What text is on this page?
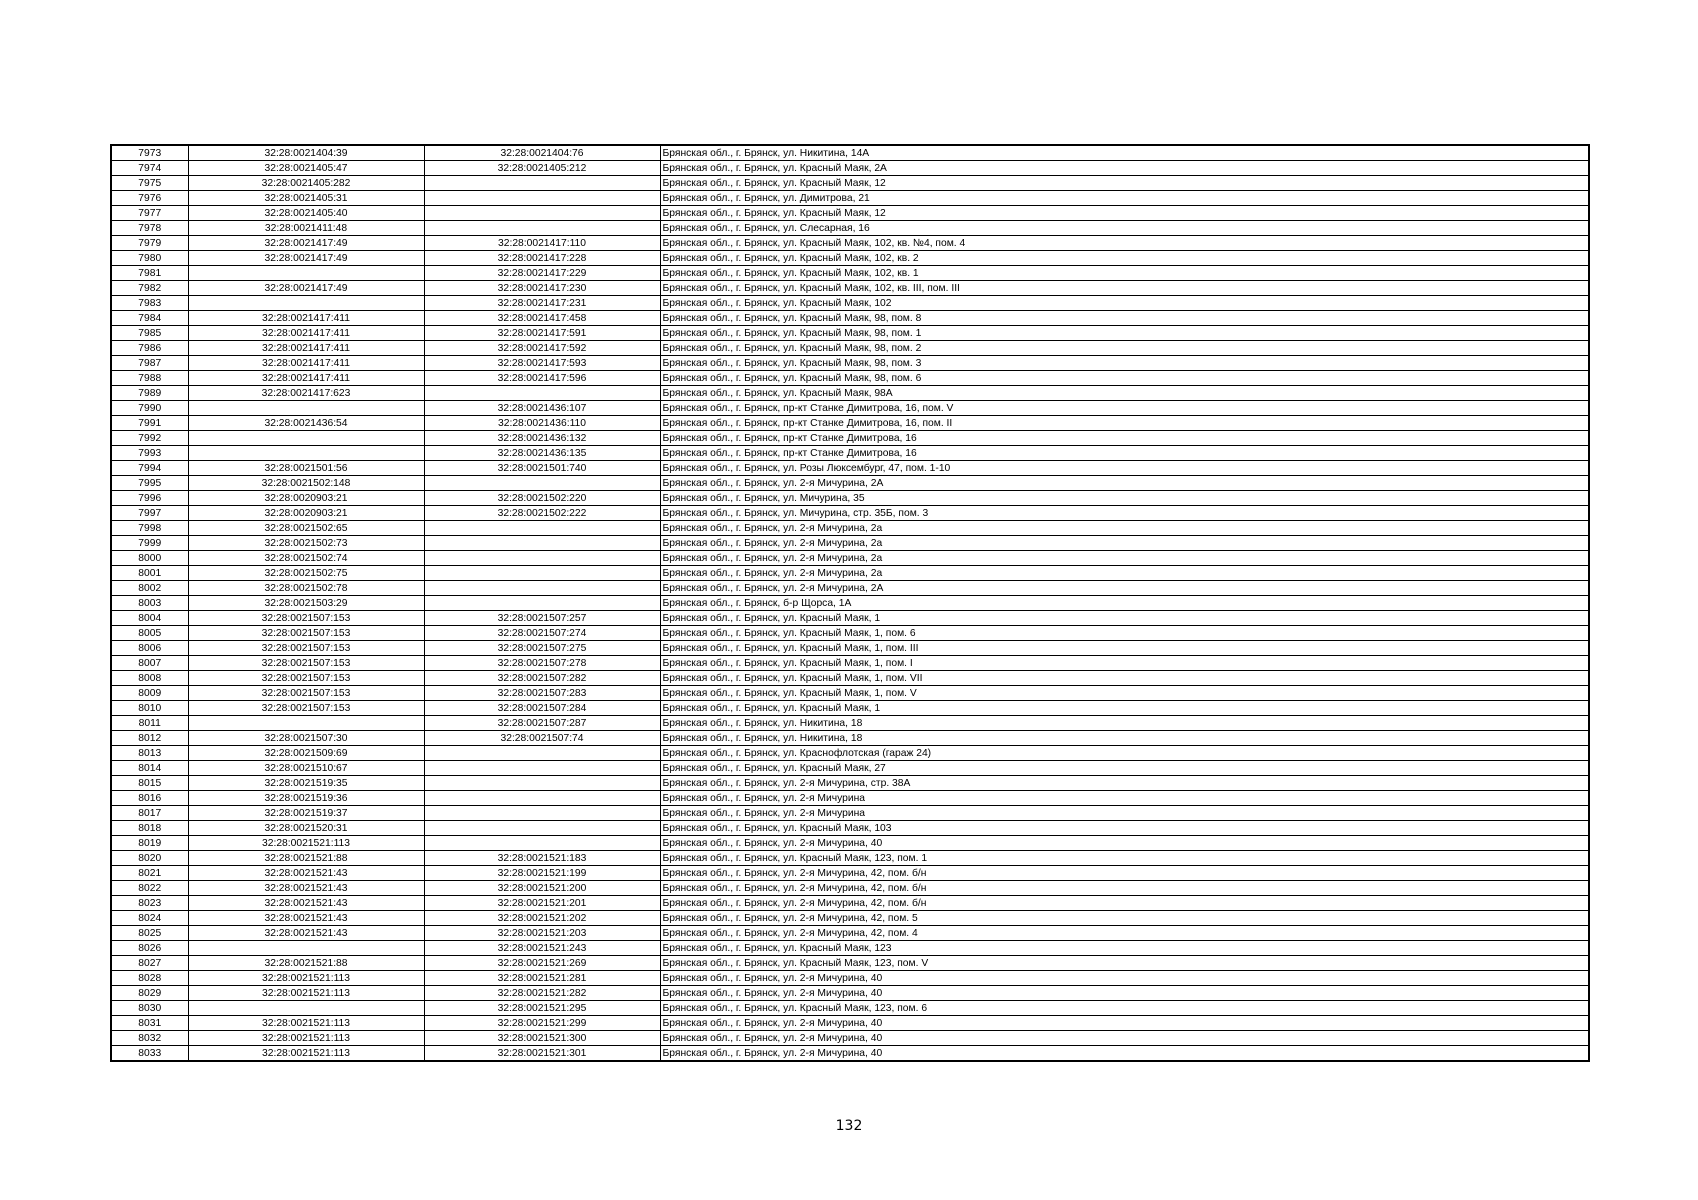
7973	32:28:0021404:39	32:28:0021404:76	Брянская обл., г. Брянск, ул. Никитина, 14А
7974	32:28:0021405:47	32:28:0021405:212	Брянская обл., г. Брянск, ул. Красный Маяк, 2А
7975	32:28:0021405:282		Брянская обл., г. Брянск, ул. Красный Маяк, 12
7976	32:28:0021405:31		Брянская обл., г. Брянск, ул. Димитрова, 21
7977	32:28:0021405:40		Брянская обл., г. Брянск, ул. Красный Маяк, 12
7978	32:28:0021411:48		Брянская обл., г. Брянск, ул. Слесарная, 16
7979	32:28:0021417:49	32:28:0021417:110	Брянская обл., г. Брянск, ул. Красный Маяк, 102, кв. №4, пом. 4
7980	32:28:0021417:49	32:28:0021417:228	Брянская обл., г. Брянск, ул. Красный Маяк, 102, кв. 2
7981		32:28:0021417:229	Брянская обл., г. Брянск, ул. Красный Маяк, 102, кв. 1
7982	32:28:0021417:49	32:28:0021417:230	Брянская обл., г. Брянск, ул. Красный Маяк, 102, кв. III, пом. III
7983		32:28:0021417:231	Брянская обл., г. Брянск, ул. Красный Маяк, 102
7984	32:28:0021417:411	32:28:0021417:458	Брянская обл., г. Брянск, ул. Красный Маяк, 98, пом. 8
7985	32:28:0021417:411	32:28:0021417:591	Брянская обл., г. Брянск, ул. Красный Маяк, 98, пом. 1
7986	32:28:0021417:411	32:28:0021417:592	Брянская обл., г. Брянск, ул. Красный Маяк, 98, пом. 2
7987	32:28:0021417:411	32:28:0021417:593	Брянская обл., г. Брянск, ул. Красный Маяк, 98, пом. 3
7988	32:28:0021417:411	32:28:0021417:596	Брянская обл., г. Брянск, ул. Красный Маяк, 98, пом. 6
7989	32:28:0021417:623		Брянская обл., г. Брянск, ул. Красный Маяк, 98А
7990		32:28:0021436:107	Брянская обл., г. Брянск, пр-кт Станке Димитрова, 16, пом. V
7991	32:28:0021436:54	32:28:0021436:110	Брянская обл., г. Брянск, пр-кт Станке Димитрова, 16, пом. II
7992		32:28:0021436:132	Брянская обл., г. Брянск, пр-кт Станке Димитрова, 16
7993		32:28:0021436:135	Брянская обл., г. Брянск, пр-кт Станке Димитрова, 16
7994	32:28:0021501:56	32:28:0021501:740	Брянская обл., г. Брянск, ул. Розы Люксембург, 47, пом. 1-10
7995	32:28:0021502:148		Брянская обл., г. Брянск, ул. 2-я Мичурина, 2А
7996	32:28:0020903:21	32:28:0021502:220	Брянская обл., г. Брянск, ул. Мичурина, 35
7997	32:28:0020903:21	32:28:0021502:222	Брянская обл., г. Брянск, ул. Мичурина, стр. 35Б, пом. 3
7998	32:28:0021502:65		Брянская обл., г. Брянск, ул. 2-я Мичурина, 2а
7999	32:28:0021502:73		Брянская обл., г. Брянск, ул. 2-я Мичурина, 2а
8000	32:28:0021502:74		Брянская обл., г. Брянск, ул. 2-я Мичурина, 2а
8001	32:28:0021502:75		Брянская обл., г. Брянск, ул. 2-я Мичурина, 2а
8002	32:28:0021502:78		Брянская обл., г. Брянск, ул. 2-я Мичурина, 2А
8003	32:28:0021503:29		Брянская обл., г. Брянск, б-р Щорса, 1А
8004	32:28:0021507:153	32:28:0021507:257	Брянская обл., г. Брянск, ул. Красный Маяк, 1
8005	32:28:0021507:153	32:28:0021507:274	Брянская обл., г. Брянск, ул. Красный Маяк, 1, пом. 6
8006	32:28:0021507:153	32:28:0021507:275	Брянская обл., г. Брянск, ул. Красный Маяк, 1, пом. III
8007	32:28:0021507:153	32:28:0021507:278	Брянская обл., г. Брянск, ул. Красный Маяк, 1, пом. I
8008	32:28:0021507:153	32:28:0021507:282	Брянская обл., г. Брянск, ул. Красный Маяк, 1, пом. VII
8009	32:28:0021507:153	32:28:0021507:283	Брянская обл., г. Брянск, ул. Красный Маяк, 1, пом. V
8010	32:28:0021507:153	32:28:0021507:284	Брянская обл., г. Брянск, ул. Красный Маяк, 1
8011		32:28:0021507:287	Брянская обл., г. Брянск, ул. Никитина, 18
8012	32:28:0021507:30	32:28:0021507:74	Брянская обл., г. Брянск, ул. Никитина, 18
8013	32:28:0021509:69		Брянская обл., г. Брянск, ул. Краснофлотская (гараж 24)
8014	32:28:0021510:67		Брянская обл., г. Брянск, ул. Красный Маяк, 27
8015	32:28:0021519:35		Брянская обл., г. Брянск, ул. 2-я Мичурина, стр. 38А
8016	32:28:0021519:36		Брянская обл., г. Брянск, ул. 2-я Мичурина
8017	32:28:0021519:37		Брянская обл., г. Брянск, ул. 2-я Мичурина
8018	32:28:0021520:31		Брянская обл., г. Брянск, ул. Красный Маяк, 103
8019	32:28:0021521:113		Брянская обл., г. Брянск, ул. 2-я Мичурина, 40
8020	32:28:0021521:88	32:28:0021521:183	Брянская обл., г. Брянск, ул. Красный Маяк, 123, пом. 1
8021	32:28:0021521:43	32:28:0021521:199	Брянская обл., г. Брянск, ул. 2-я Мичурина, 42, пом. б/н
8022	32:28:0021521:43	32:28:0021521:200	Брянская обл., г. Брянск, ул. 2-я Мичурина, 42, пом. б/н
8023	32:28:0021521:43	32:28:0021521:201	Брянская обл., г. Брянск, ул. 2-я Мичурина, 42, пом. б/н
8024	32:28:0021521:43	32:28:0021521:202	Брянская обл., г. Брянск, ул. 2-я Мичурина, 42, пом. 5
8025	32:28:0021521:43	32:28:0021521:203	Брянская обл., г. Брянск, ул. 2-я Мичурина, 42, пом. 4
8026		32:28:0021521:243	Брянская обл., г. Брянск, ул. Красный Маяк, 123
8027	32:28:0021521:88	32:28:0021521:269	Брянская обл., г. Брянск, ул. Красный Маяк, 123, пом. V
8028	32:28:0021521:113	32:28:0021521:281	Брянская обл., г. Брянск, ул. 2-я Мичурина, 40
8029	32:28:0021521:113	32:28:0021521:282	Брянская обл., г. Брянск, ул. 2-я Мичурина, 40
8030		32:28:0021521:295	Брянская обл., г. Брянск, ул. Красный Маяк, 123, пом. 6
8031	32:28:0021521:113	32:28:0021521:299	Брянская обл., г. Брянск, ул. 2-я Мичурина, 40
8032	32:28:0021521:113	32:28:0021521:300	Брянская обл., г. Брянск, ул. 2-я Мичурина, 40
8033	32:28:0021521:113	32:28:0021521:301	Брянская обл., г. Брянск, ул. 2-я Мичурина, 40
132
